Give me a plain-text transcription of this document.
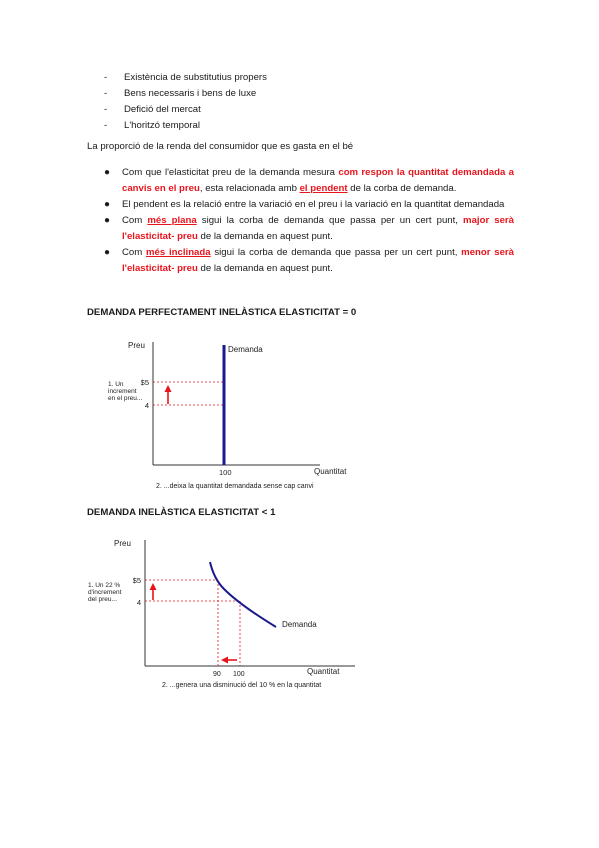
- Existència de substitutius propers
- Bens necessaris i bens de luxe
- Defició del mercat
- L'horitzó temporal
La proporció de la renda del consumidor que es gasta en el bé
● Com que l'elasticitat preu de la demanda mesura com respon la quantitat demandada a canvis en el preu, esta relacionada amb el pendent de la corba de demanda.
● El pendent es la relació entre la variació en el preu i la variació en la quantitat demandada
● Com més plana sigui la corba de demanda que passa per un cert punt, major serà l'elasticitat- preu de la demanda en aquest punt.
● Com més inclinada sigui la corba de demanda que passa per un cert punt, menor serà l'elasticitat- preu de la demanda en aquest punt.
DEMANDA PERFECTAMENT INELÀSTICA ELASTICITAT = 0
Preu
Quantitat
Demanda
$5
4
100
1. Un
increment
en el preu...
2. ...deixa la quantitat demandada sense cap canvi
DEMANDA INELÀSTICA ELASTICITAT < 1
Preu
Quantitat
Demanda
$5
4
90 100
1. Un 22 %
d'increment
del preu...
2. ...genera una disminució del 10 % en la quantitat
